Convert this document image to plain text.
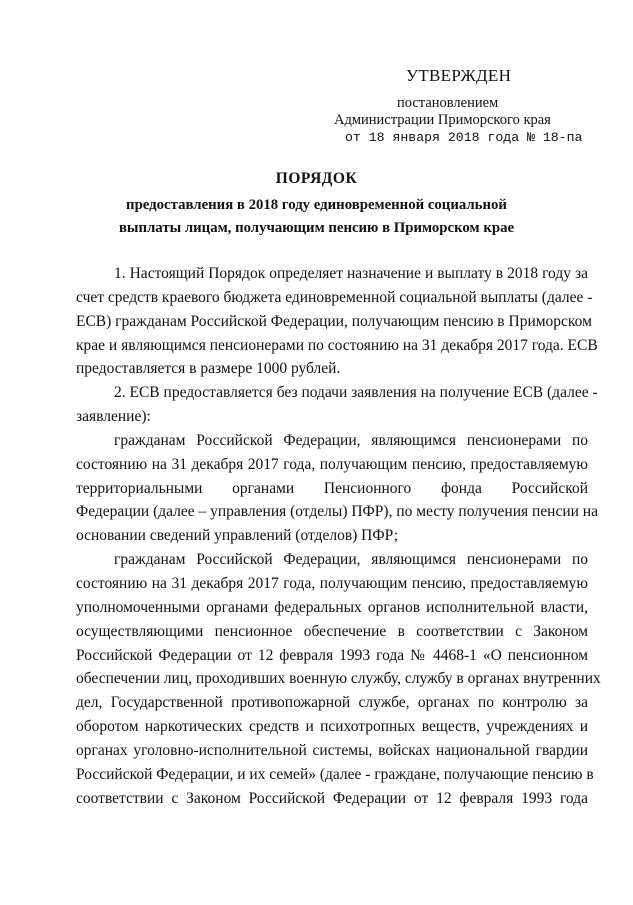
УТВЕРЖДЕН
постановлением
Администрации Приморского края
от 18 января 2018 года № 18-па
ПОРЯДОК
предоставления в 2018 году единовременной социальной
выплаты лицам, получающим пенсию в Приморском крае
1. Настоящий Порядок определяет назначение и выплату в 2018 году за
счет средств краевого бюджета единовременной социальной выплаты (далее -
ЕСВ) гражданам Российской Федерации, получающим пенсию в Приморском
крае и являющимся пенсионерами по состоянию на 31 декабря 2017 года. ЕСВ
предоставляется в размере 1000 рублей.
2. ЕСВ предоставляется без подачи заявления на получение ЕСВ (далее -
заявление):
гражданам Российской Федерации, являющимся пенсионерами по
состоянию на 31 декабря 2017 года, получающим пенсию, предоставляемую
территориальными органами Пенсионного фонда Российской
Федерации (далее – управления (отделы) ПФР), по месту получения пенсии на
основании сведений управлений (отделов) ПФР;
гражданам Российской Федерации, являющимся пенсионерами по
состоянию на 31 декабря 2017 года, получающим пенсию, предоставляемую
уполномоченными органами федеральных органов исполнительной власти,
осуществляющими пенсионное обеспечение в соответствии с Законом
Российской Федерации от 12 февраля 1993 года № 4468-1 «О пенсионном
обеспечении лиц, проходивших военную службу, службу в органах внутренних
дел, Государственной противопожарной службе, органах по контролю за
оборотом наркотических средств и психотропных веществ, учреждениях и
органах уголовно-исполнительной системы, войсках национальной гвардии
Российской Федерации, и их семей» (далее - граждане, получающие пенсию в
соответствии с Законом Российской Федерации от 12 февраля 1993 года
